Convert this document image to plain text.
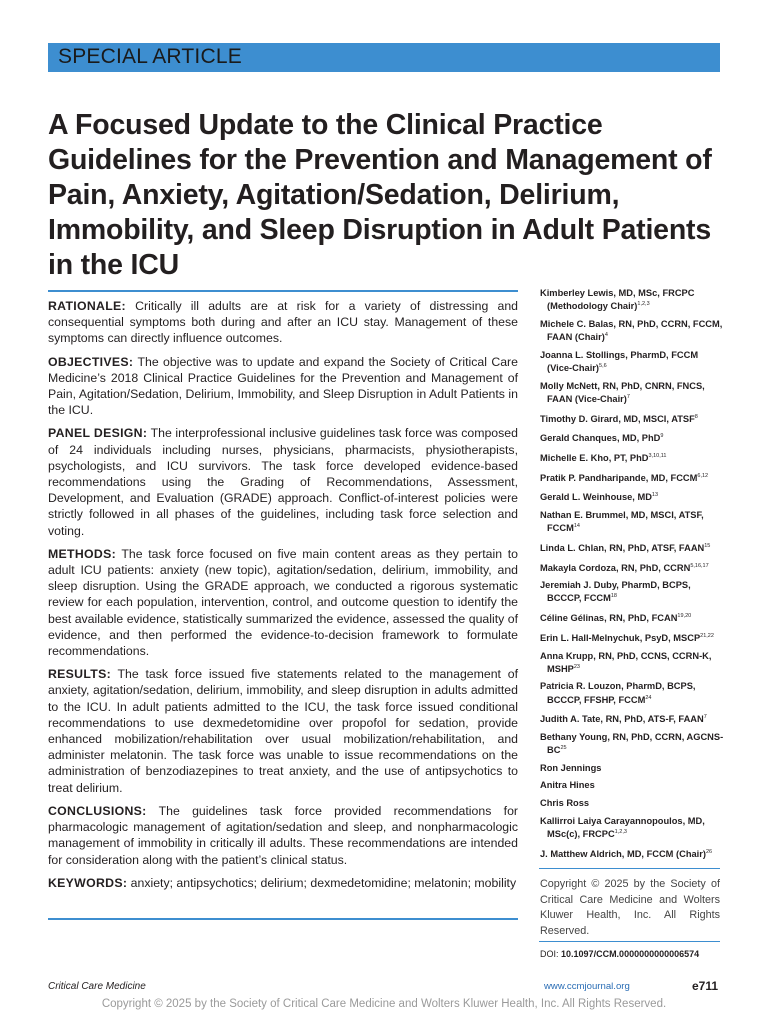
SPECIAL ARTICLE
A Focused Update to the Clinical Practice Guidelines for the Prevention and Management of Pain, Anxiety, Agitation/Sedation, Delirium, Immobility, and Sleep Disruption in Adult Patients in the ICU

RATIONALE: Critically ill adults are at risk for a variety of distressing and consequential symptoms both during and after an ICU stay. Management of these symptoms can directly influence outcomes.

OBJECTIVES: The objective was to update and expand the Society of Critical Care Medicine’s 2018 Clinical Practice Guidelines for the Prevention and Management of Pain, Agitation/Sedation, Delirium, Immobility, and Sleep Disruption in Adult Patients in the ICU.

PANEL DESIGN: The interprofessional inclusive guidelines task force was composed of 24 individuals including nurses, physicians, pharmacists, physiotherapists, psychologists, and ICU survivors. The task force developed evidence-based recommendations using the Grading of Recommendations, Assessment, Development, and Evaluation (GRADE) approach. Conflict-of-interest policies were strictly followed in all phases of the guidelines, including task force selection and voting.

METHODS: The task force focused on five main content areas as they pertain to adult ICU patients: anxiety (new topic), agitation/sedation, delirium, immobility, and sleep disruption. Using the GRADE approach, we conducted a rigorous systematic review for each population, intervention, control, and outcome question to identify the best available evidence, statistically summarized the evidence, assessed the quality of evidence, and then performed the evidence-to-decision framework to formulate recommendations.

RESULTS: The task force issued five statements related to the management of anxiety, agitation/sedation, delirium, immobility, and sleep disruption in adults admitted to the ICU. In adult patients admitted to the ICU, the task force issued conditional recommendations to use dexmedetomidine over propofol for sedation, provide enhanced mobilization/rehabilitation over usual mobilization/rehabilitation, and administer melatonin. The task force was unable to issue recommendations on the administration of benzodiazepines to treat anxiety, and the use of antipsychotics to treat delirium.

CONCLUSIONS: The guidelines task force provided recommendations for pharmacologic management of agitation/sedation and sleep, and nonpharmacologic management of immobility in critically ill adults. These recommendations are intended for consideration along with the patient’s clinical status.

KEYWORDS: anxiety; antipsychotics; delirium; dexmedetomidine; melatonin; mobility

Kimberley Lewis, MD, MSc, FRCPC (Methodology Chair)$^{1,2,3}$
Michele C. Balas, RN, PhD, CCRN, FCCM, FAAN (Chair)$^4$
Joanna L. Stollings, PharmD, FCCM (Vice-Chair)$^{5,6}$
Molly McNett, RN, PhD, CNRN, FNCS, FAAN (Vice-Chair)$^7$
Timothy D. Girard, MD, MSCI, ATSF$^8$
Gerald Chanques, MD, PhD$^9$
Michelle E. Kho, PT, PhD$^{3,10,11}$
Pratik P. Pandharipande, MD, FCCM$^{6,12}$
Gerald L. Weinhouse, MD$^{13}$
Nathan E. Brummel, MD, MSCI, ATSF, FCCM$^{14}$
Linda L. Chlan, RN, PhD, ATSF, FAAN$^{15}$
Makayla Cordoza, RN, PhD, CCRN$^{5,16,17}$
Jeremiah J. Duby, PharmD, BCPS, BCCCP, FCCM$^{18}$
Céline Gélinas, RN, PhD, FCAN$^{19,20}$
Erin L. Hall-Melnychuk, PsyD, MSCP$^{21,22}$
Anna Krupp, RN, PhD, CCNS, CCRN-K, MSHP$^{23}$
Patricia R. Louzon, PharmD, BCPS, BCCCP, FFSHP, FCCM$^{24}$
Judith A. Tate, RN, PhD, ATS-F, FAAN$^7$
Bethany Young, RN, PhD, CCRN, AGCNS-BC$^{25}$
Ron Jennings
Anitra Hines
Chris Ross
Kallirroi Laiya Carayannopoulos, MD, MSc(c), FRCPC$^{1,2,3}$
J. Matthew Aldrich, MD, FCCM (Chair)$^{26}$
Copyright © 2025 by the Society of Critical Care Medicine and Wolters Kluwer Health, Inc. All Rights Reserved.
DOI: 10.1097/CCM.0000000000006574
Critical Care Medicine	www.ccmjournal.org	e711
Copyright © 2025 by the Society of Critical Care Medicine and Wolters Kluwer Health, Inc. All Rights Reserved.
